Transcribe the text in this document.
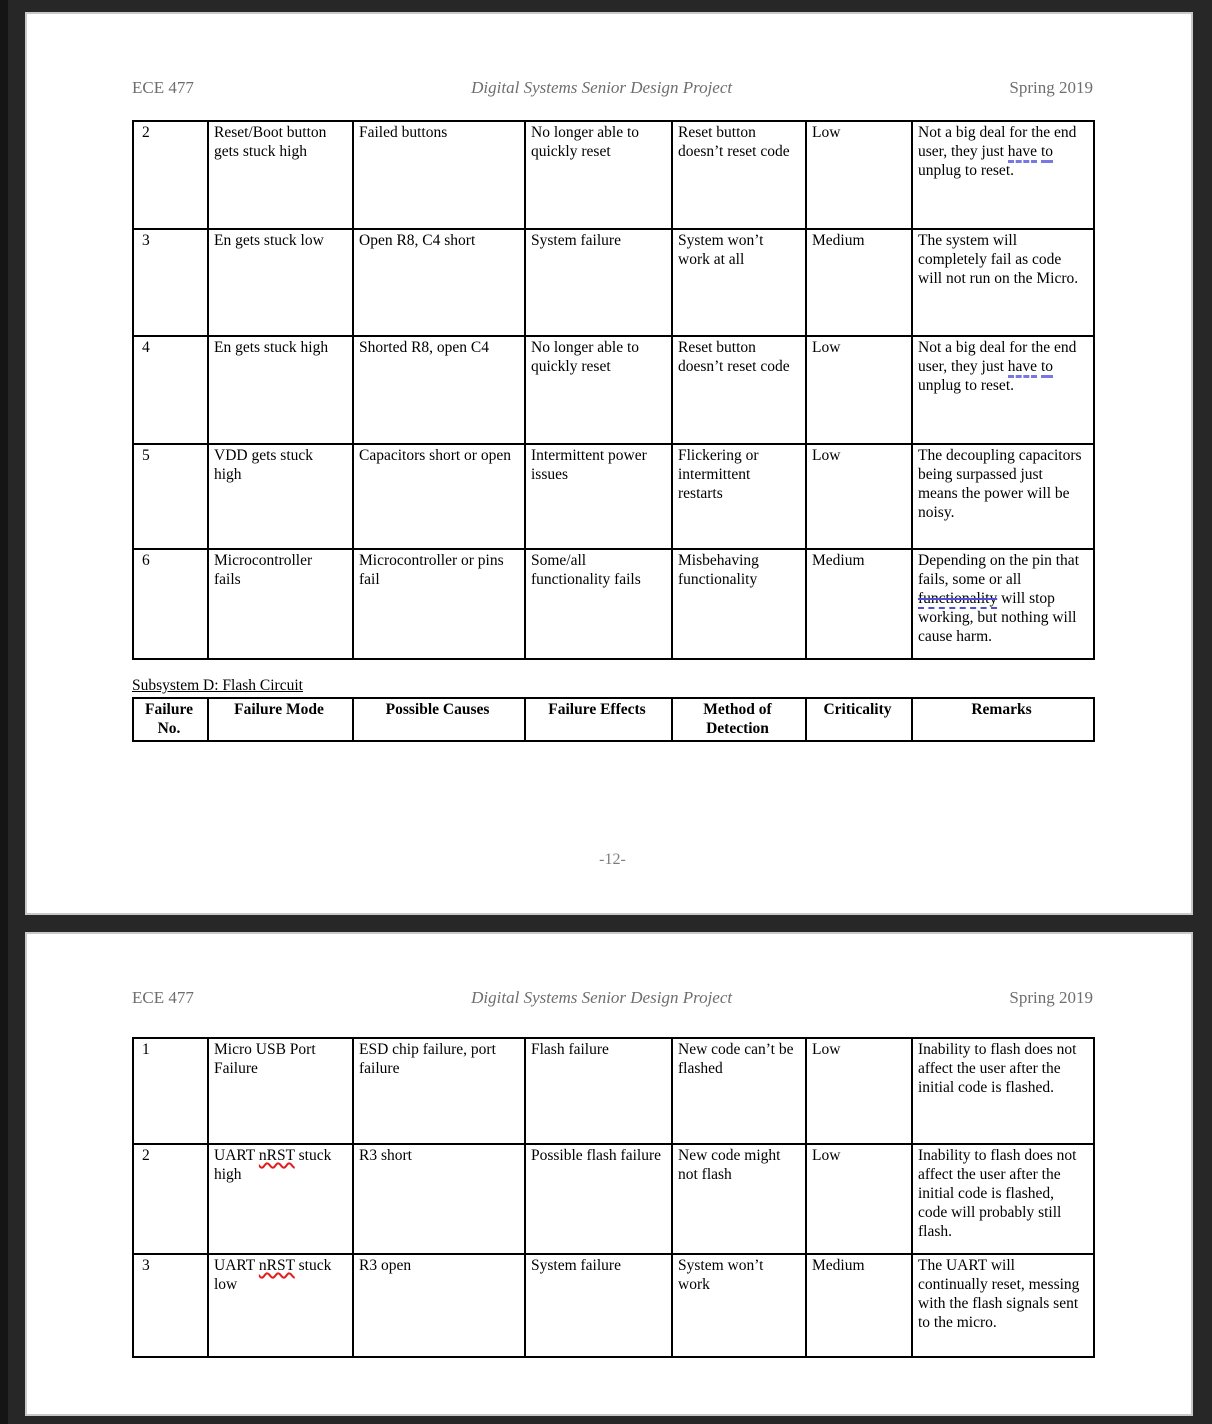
ECE 477	Digital Systems Senior Design Project	Spring 2019
2	Reset/Boot button gets stuck high	Failed buttons	No longer able to quickly reset	Reset button doesn’t reset code	Low	Not a big deal for the end user, they just have to unplug to reset.
3	En gets stuck low	Open R8, C4 short	System failure	System won’t work at all	Medium	The system will completely fail as code will not run on the Micro.
4	En gets stuck high	Shorted R8, open C4	No longer able to quickly reset	Reset button doesn’t reset code	Low	Not a big deal for the end user, they just have to unplug to reset.
5	VDD gets stuck high	Capacitors short or open	Intermittent power issues	Flickering or intermittent restarts	Low	The decoupling capacitors being surpassed just means the power will be noisy.
6	Microcontroller fails	Microcontroller or pins fail	Some/all functionality fails	Misbehaving functionality	Medium	Depending on the pin that fails, some or all functionality will stop working, but nothing will cause harm.
Subsystem D: Flash Circuit
Failure No.	Failure Mode	Possible Causes	Failure Effects	Method of Detection	Criticality	Remarks
-12-
ECE 477	Digital Systems Senior Design Project	Spring 2019
1	Micro USB Port Failure	ESD chip failure, port failure	Flash failure	New code can’t be flashed	Low	Inability to flash does not affect the user after the initial code is flashed.
2	UART nRST stuck high	R3 short	Possible flash failure	New code might not flash	Low	Inability to flash does not affect the user after the initial code is flashed, code will probably still flash.
3	UART nRST stuck low	R3 open	System failure	System won’t work	Medium	The UART will continually reset, messing with the flash signals sent to the micro.
